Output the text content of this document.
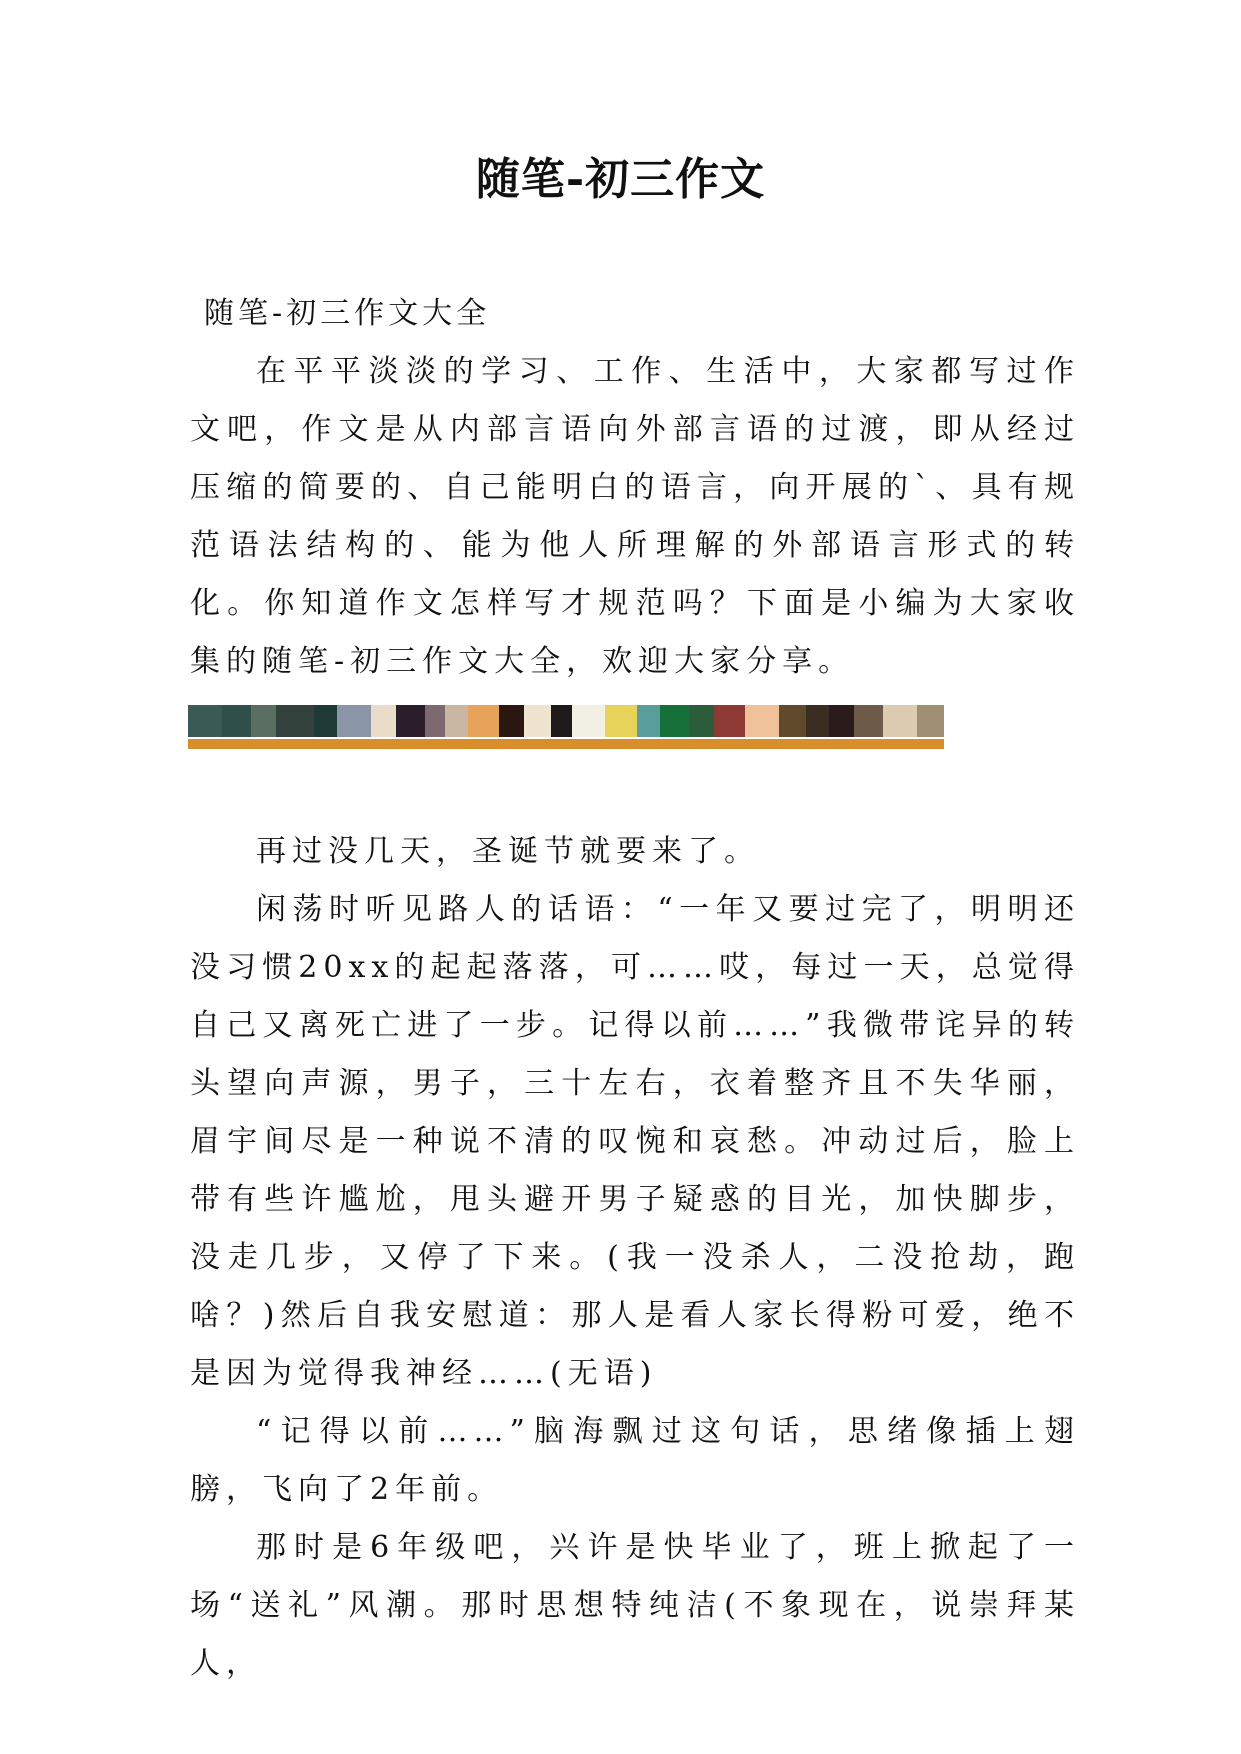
随笔-初三作文

随笔-初三作文大全

在平平淡淡的学习、工作、生活中，大家都写过作文吧，作文是从内部言语向外部言语的过渡，即从经过压缩的简要的、自己能明白的语言，向开展的`、具有规范语法结构的、能为他人所理解的外部语言形式的转化。你知道作文怎样写才规范吗？下面是小编为大家收集的随笔-初三作文大全，欢迎大家分享。

再过没几天，圣诞节就要来了。

闲荡时听见路人的话语：“一年又要过完了，明明还没习惯20xx的起起落落，可……哎，每过一天，总觉得自己又离死亡进了一步。记得以前……”我微带诧异的转头望向声源，男子，三十左右，衣着整齐且不失华丽，眉宇间尽是一种说不清的叹惋和哀愁。冲动过后，脸上带有些许尴尬，甩头避开男子疑惑的目光，加快脚步，没走几步，又停了下来。(我一没杀人，二没抢劫，跑啥？)然后自我安慰道：那人是看人家长得粉可爱，绝不是因为觉得我神经……(无语)

“记得以前……”脑海飘过这句话，思绪像插上翅膀，飞向了2年前。

那时是6年级吧，兴许是快毕业了，班上掀起了一场“送礼”风潮。那时思想特纯洁(不象现在，说崇拜某人，
